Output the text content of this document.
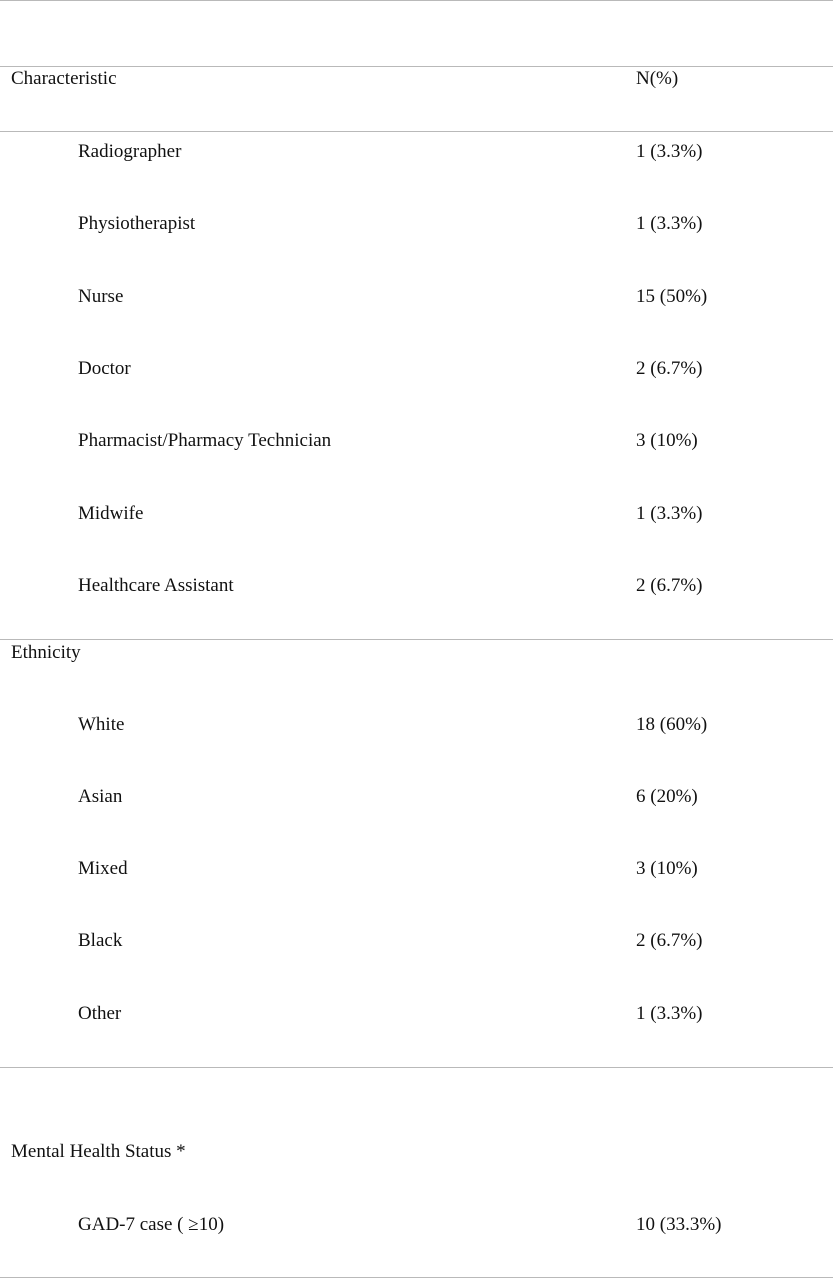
Characteristic	N(%)
Radiographer	1 (3.3%)
Physiotherapist	1 (3.3%)
Nurse	15 (50%)
Doctor	2 (6.7%)
Pharmacist/Pharmacy Technician	3 (10%)
Midwife	1 (3.3%)
Healthcare Assistant	2 (6.7%)
Ethnicity
White	18 (60%)
Asian	6 (20%)
Mixed	3 (10%)
Black	2 (6.7%)
Other	1 (3.3%)
Mental Health Status *
GAD-7 case ( ≥10)	10 (33.3%)
